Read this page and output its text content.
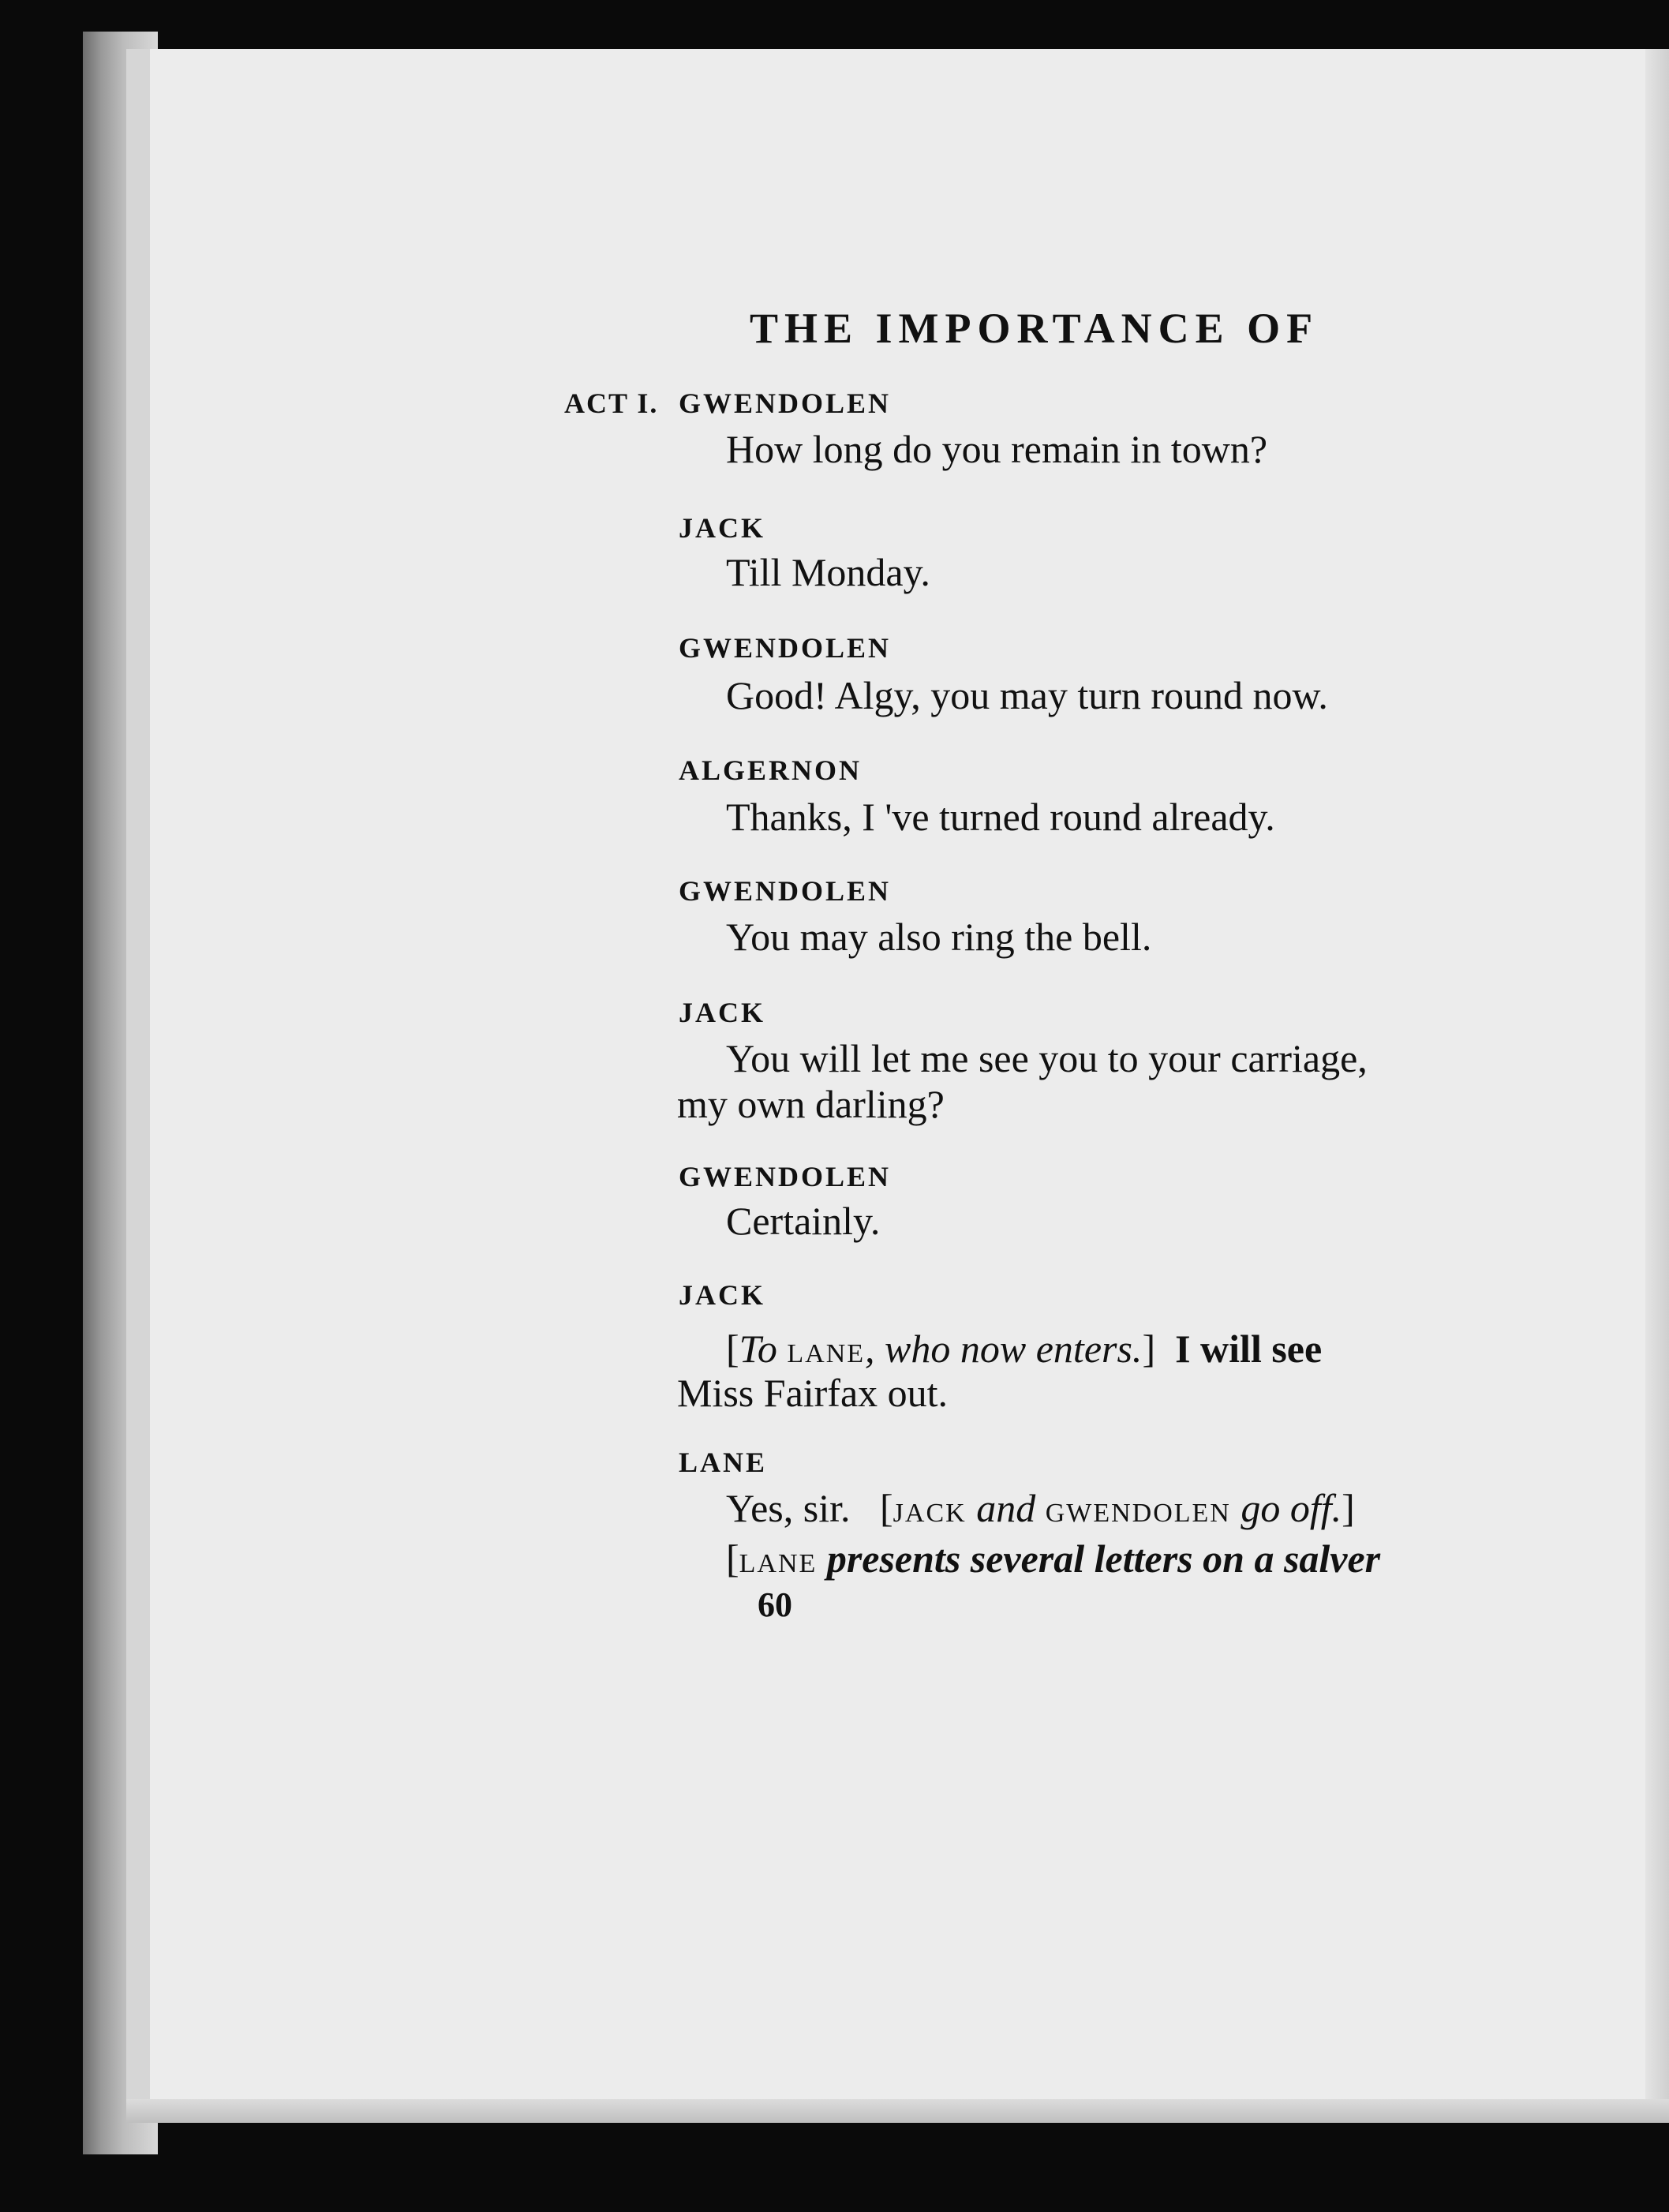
THE IMPORTANCE OF
ACT I. GWENDOLEN
How long do you remain in town?
JACK
Till Monday.
GWENDOLEN
Good! Algy, you may turn round now.
ALGERNON
Thanks, I 've turned round already.
GWENDOLEN
You may also ring the bell.
JACK
You will let me see you to your carriage,
my own darling?
GWENDOLEN
Certainly.
JACK
[To LANE, who now enters.] I will see
Miss Fairfax out.
LANE
Yes, sir. [JACK and GWENDOLEN go off.]
[LANE presents several letters on a salver
60
